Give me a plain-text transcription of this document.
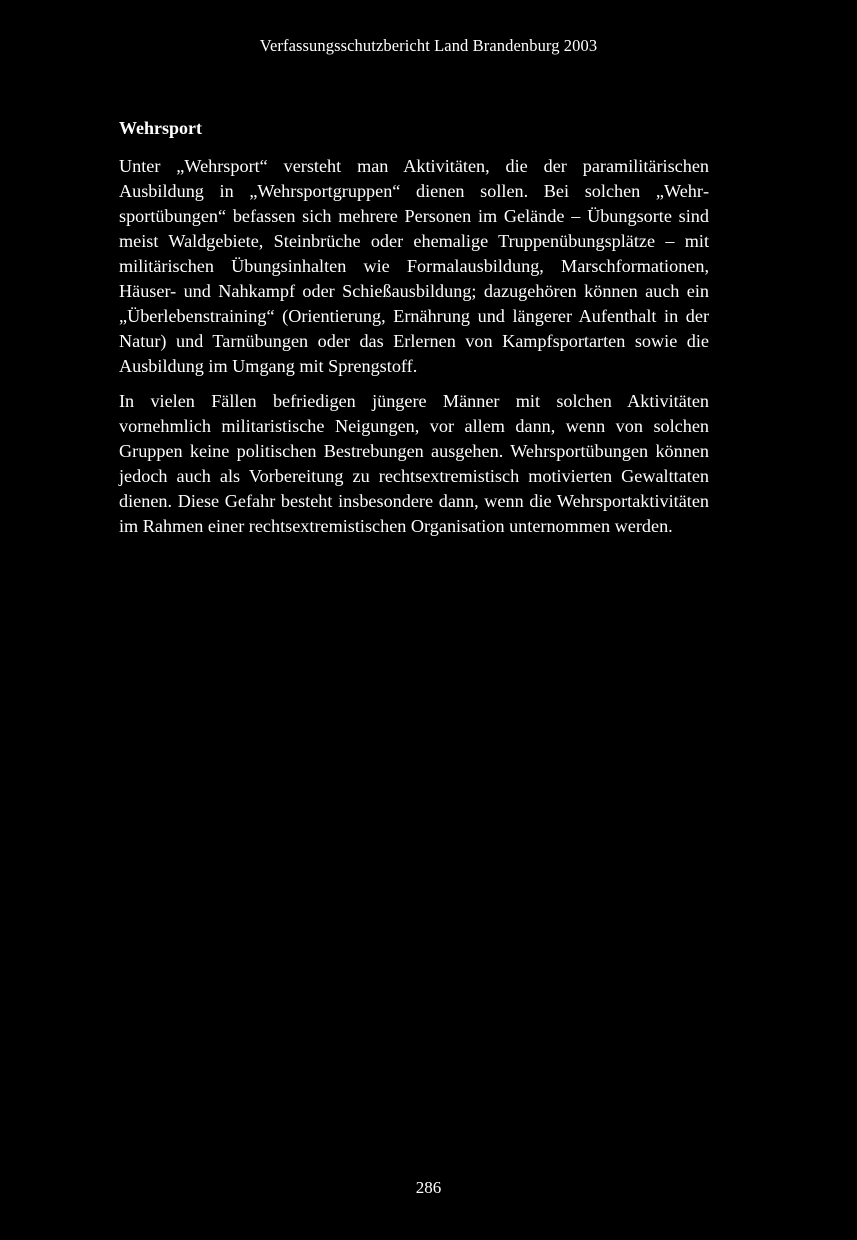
Verfassungsschutzbericht Land Brandenburg 2003
Wehrsport

Unter „Wehrsport“ versteht man Aktivitäten, die der paramilitärischen Ausbildung in „Wehrsportgruppen“ dienen sollen. Bei solchen „Wehrsportübungen“ befassen sich mehrere Personen im Gelände – Übungsorte sind meist Waldgebiete, Steinbrüche oder ehemalige Truppenübungsplätze – mit militärischen Übungsinhalten wie Formalausbildung, Marschformationen, Häuser- und Nahkampf oder Schießausbildung; dazugehören können auch ein „Überlebenstraining“ (Orientierung, Ernährung und längerer Aufenthalt in der Natur) und Tarnübungen oder das Erlernen von Kampfsportarten sowie die Ausbildung im Umgang mit Sprengstoff.

In vielen Fällen befriedigen jüngere Männer mit solchen Aktivitäten vornehmlich militaristische Neigungen, vor allem dann, wenn von solchen Gruppen keine politischen Bestrebungen ausgehen. Wehrsportübungen können jedoch auch als Vorbereitung zu rechtsextremistisch motivierten Gewalttaten dienen. Diese Gefahr besteht insbesondere dann, wenn die Wehrsportaktivitäten im Rahmen einer rechtsextremistischen Organisation unternommen werden.

286
